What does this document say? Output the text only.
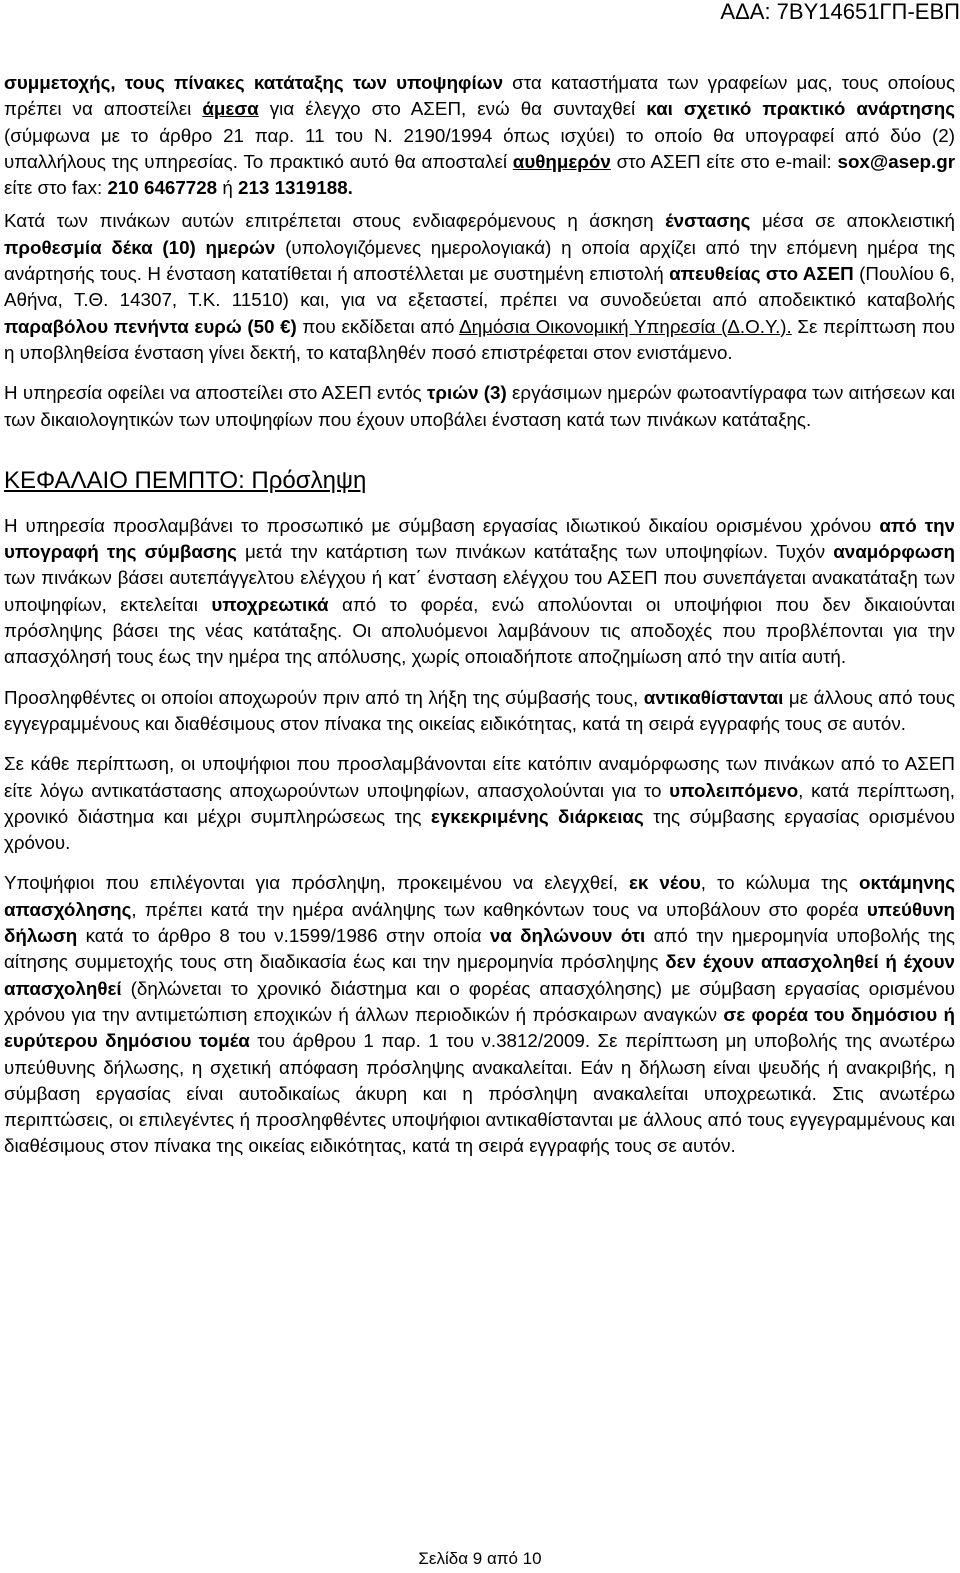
ΑΔΑ: 7ΒΥ14651ΓΠ-ΕΒΠ

συμμετοχής, τους πίνακες κατάταξης των υποψηφίων στα καταστήματα των γραφείων μας, τους οποίους πρέπει να αποστείλει άμεσα για έλεγχο στο ΑΣΕΠ, ενώ θα συνταχθεί και σχετικό πρακτικό ανάρτησης (σύμφωνα με το άρθρο 21 παρ. 11 του Ν. 2190/1994 όπως ισχύει) το οποίο θα υπογραφεί από δύο (2) υπαλλήλους της υπηρεσίας. Το πρακτικό αυτό θα αποσταλεί αυθημερόν στο ΑΣΕΠ είτε στο e-mail: sox@asep.gr είτε στο fax: 210 6467728 ή 213 1319188.

Κατά των πινάκων αυτών επιτρέπεται στους ενδιαφερόμενους η άσκηση ένστασης μέσα σε αποκλειστική προθεσμία δέκα (10) ημερών (υπολογιζόμενες ημερολογιακά) η οποία αρχίζει από την επόμενη ημέρα της ανάρτησής τους. Η ένσταση κατατίθεται ή αποστέλλεται με συστημένη επιστολή απευθείας στο ΑΣΕΠ (Πουλίου 6, Αθήνα, Τ.Θ. 14307, Τ.Κ. 11510) και, για να εξεταστεί, πρέπει να συνοδεύεται από αποδεικτικό καταβολής παραβόλου πενήντα ευρώ (50 €) που εκδίδεται από Δημόσια Οικονομική Υπηρεσία (Δ.Ο.Υ.). Σε περίπτωση που η υποβληθείσα ένσταση γίνει δεκτή, το καταβληθέν ποσό επιστρέφεται στον ενιστάμενο.

Η υπηρεσία οφείλει να αποστείλει στο ΑΣΕΠ εντός τριών (3) εργάσιμων ημερών φωτοαντίγραφα των αιτήσεων και των δικαιολογητικών των υποψηφίων που έχουν υποβάλει ένσταση κατά των πινάκων κατάταξης.

ΚΕΦΑΛΑΙΟ ΠΕΜΠΤΟ: Πρόσληψη

Η υπηρεσία προσλαμβάνει το προσωπικό με σύμβαση εργασίας ιδιωτικού δικαίου ορισμένου χρόνου από την υπογραφή της σύμβασης μετά την κατάρτιση των πινάκων κατάταξης των υποψηφίων. Τυχόν αναμόρφωση των πινάκων βάσει αυτεπάγγελτου ελέγχου ή κατ΄ ένσταση ελέγχου του ΑΣΕΠ που συνεπάγεται ανακατάταξη των υποψηφίων, εκτελείται υποχρεωτικά από το φορέα, ενώ απολύονται οι υποψήφιοι που δεν δικαιούνται πρόσληψης βάσει της νέας κατάταξης. Οι απολυόμενοι λαμβάνουν τις αποδοχές που προβλέπονται για την απασχόλησή τους έως την ημέρα της απόλυσης, χωρίς οποιαδήποτε αποζημίωση από την αιτία αυτή.

Προσληφθέντες οι οποίοι αποχωρούν πριν από τη λήξη της σύμβασής τους, αντικαθίστανται με άλλους από τους εγγεγραμμένους και διαθέσιμους στον πίνακα της οικείας ειδικότητας, κατά τη σειρά εγγραφής τους σε αυτόν.

Σε κάθε περίπτωση, οι υποψήφιοι που προσλαμβάνονται είτε κατόπιν αναμόρφωσης των πινάκων από το ΑΣΕΠ είτε λόγω αντικατάστασης αποχωρούντων υποψηφίων, απασχολούνται για το υπολειπόμενο, κατά περίπτωση, χρονικό διάστημα και μέχρι συμπληρώσεως της εγκεκριμένης διάρκειας της σύμβασης εργασίας ορισμένου χρόνου.

Υποψήφιοι που επιλέγονται για πρόσληψη, προκειμένου να ελεγχθεί, εκ νέου, το κώλυμα της οκτάμηνης απασχόλησης, πρέπει κατά την ημέρα ανάληψης των καθηκόντων τους να υποβάλουν στο φορέα υπεύθυνη δήλωση κατά το άρθρο 8 του ν.1599/1986 στην οποία να δηλώνουν ότι από την ημερομηνία υποβολής της αίτησης συμμετοχής τους στη διαδικασία έως και την ημερομηνία πρόσληψης δεν έχουν απασχοληθεί ή έχουν απασχοληθεί (δηλώνεται το χρονικό διάστημα και ο φορέας απασχόλησης) με σύμβαση εργασίας ορισμένου χρόνου για την αντιμετώπιση εποχικών ή άλλων περιοδικών ή πρόσκαιρων αναγκών σε φορέα του δημόσιου ή ευρύτερου δημόσιου τομέα του άρθρου 1 παρ. 1 του ν.3812/2009. Σε περίπτωση μη υποβολής της ανωτέρω υπεύθυνης δήλωσης, η σχετική απόφαση πρόσληψης ανακαλείται. Εάν η δήλωση είναι ψευδής ή ανακριβής, η σύμβαση εργασίας είναι αυτοδικαίως άκυρη και η πρόσληψη ανακαλείται υποχρεωτικά. Στις ανωτέρω περιπτώσεις, οι επιλεγέντες ή προσληφθέντες υποψήφιοι αντικαθίστανται με άλλους από τους εγγεγραμμένους και διαθέσιμους στον πίνακα της οικείας ειδικότητας, κατά τη σειρά εγγραφής τους σε αυτόν.

Σελίδα 9 από 10
